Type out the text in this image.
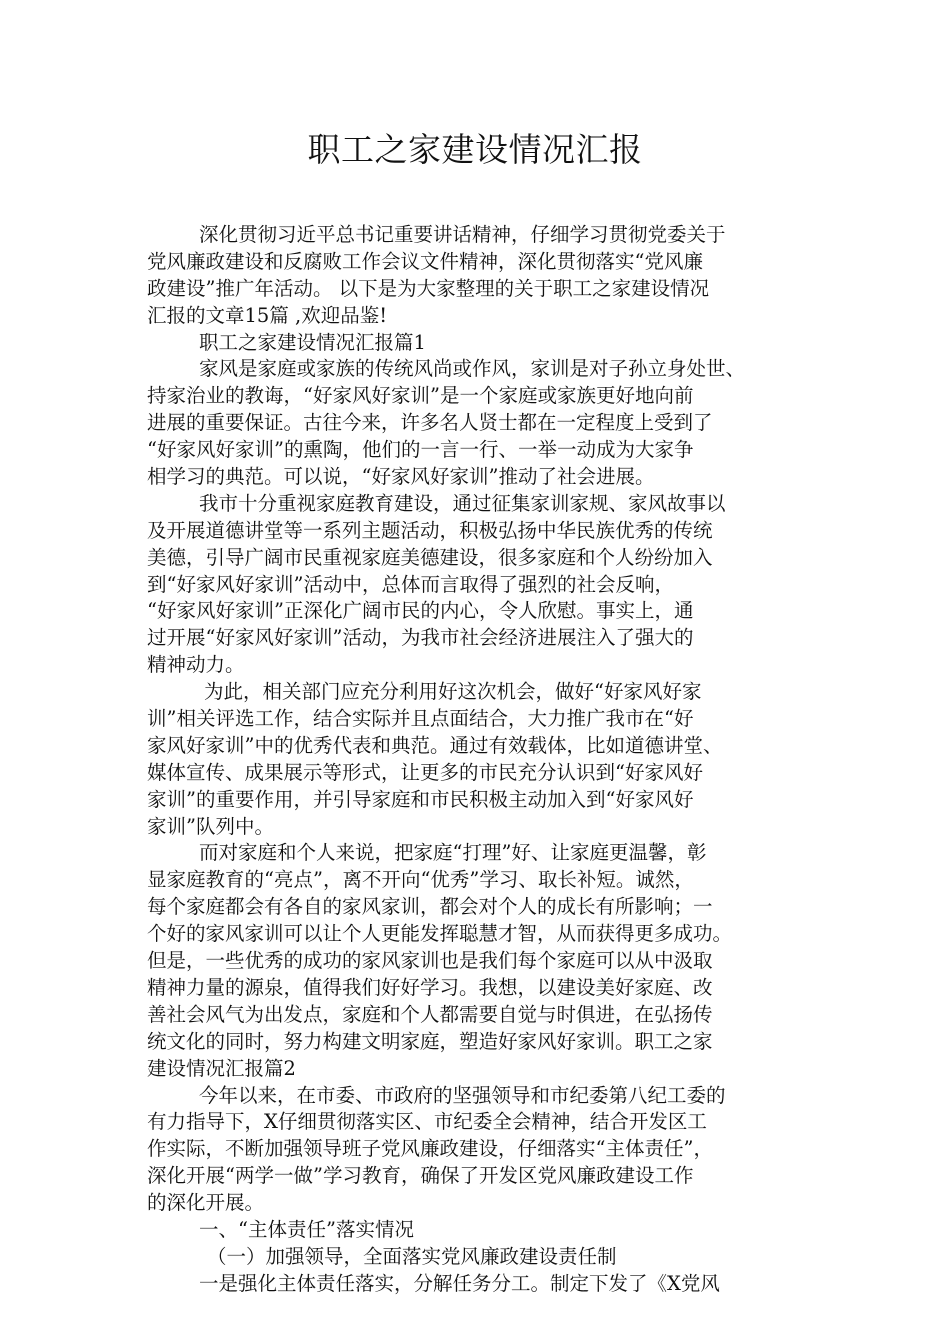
职工之家建设情况汇报
深化贯彻习近平总书记重要讲话精神，仔细学习贯彻党委关于
党风廉政建设和反腐败工作会议文件精神，深化贯彻落实“党风廉
政建设”推广年活动。 以下是为大家整理的关于职工之家建设情况
汇报的文章15篇 ,欢迎品鉴!
职工之家建设情况汇报篇1
家风是家庭或家族的传统风尚或作风，家训是对子孙立身处世、
持家治业的教诲，“好家风好家训”是一个家庭或家族更好地向前
进展的重要保证。古往今来，许多名人贤士都在一定程度上受到了
“好家风好家训”的熏陶，他们的一言一行、一举一动成为大家争
相学习的典范。可以说，“好家风好家训”推动了社会进展。
我市十分重视家庭教育建设，通过征集家训家规、家风故事以
及开展道德讲堂等一系列主题活动，积极弘扬中华民族优秀的传统
美德，引导广阔市民重视家庭美德建设，很多家庭和个人纷纷加入
到“好家风好家训”活动中，总体而言取得了强烈的社会反响，
“好家风好家训”正深化广阔市民的内心，令人欣慰。事实上，通
过开展“好家风好家训”活动，为我市社会经济进展注入了强大的
精神动力。
为此，相关部门应充分利用好这次机会，做好“好家风好家
训”相关评选工作，结合实际并且点面结合，大力推广我市在“好
家风好家训”中的优秀代表和典范。通过有效载体，比如道德讲堂、
媒体宣传、成果展示等形式，让更多的市民充分认识到“好家风好
家训”的重要作用，并引导家庭和市民积极主动加入到“好家风好
家训”队列中。
而对家庭和个人来说，把家庭“打理”好、让家庭更温馨，彰
显家庭教育的“亮点”，离不开向“优秀”学习、取长补短。诚然，
每个家庭都会有各自的家风家训，都会对个人的成长有所影响；一
个好的家风家训可以让个人更能发挥聪慧才智，从而获得更多成功。
但是，一些优秀的成功的家风家训也是我们每个家庭可以从中汲取
精神力量的源泉，值得我们好好学习。我想，以建设美好家庭、改
善社会风气为出发点，家庭和个人都需要自觉与时俱进，在弘扬传
统文化的同时，努力构建文明家庭，塑造好家风好家训。职工之家
建设情况汇报篇2
今年以来，在市委、市政府的坚强领导和市纪委第八纪工委的
有力指导下，X仔细贯彻落实区、市纪委全会精神，结合开发区工
作实际，不断加强领导班子党风廉政建设，仔细落实“主体责任”，
深化开展“两学一做”学习教育，确保了开发区党风廉政建设工作
的深化开展。
一、“主体责任”落实情况
（一）加强领导，全面落实党风廉政建设责任制
一是强化主体责任落实，分解任务分工。制定下发了《X党风
